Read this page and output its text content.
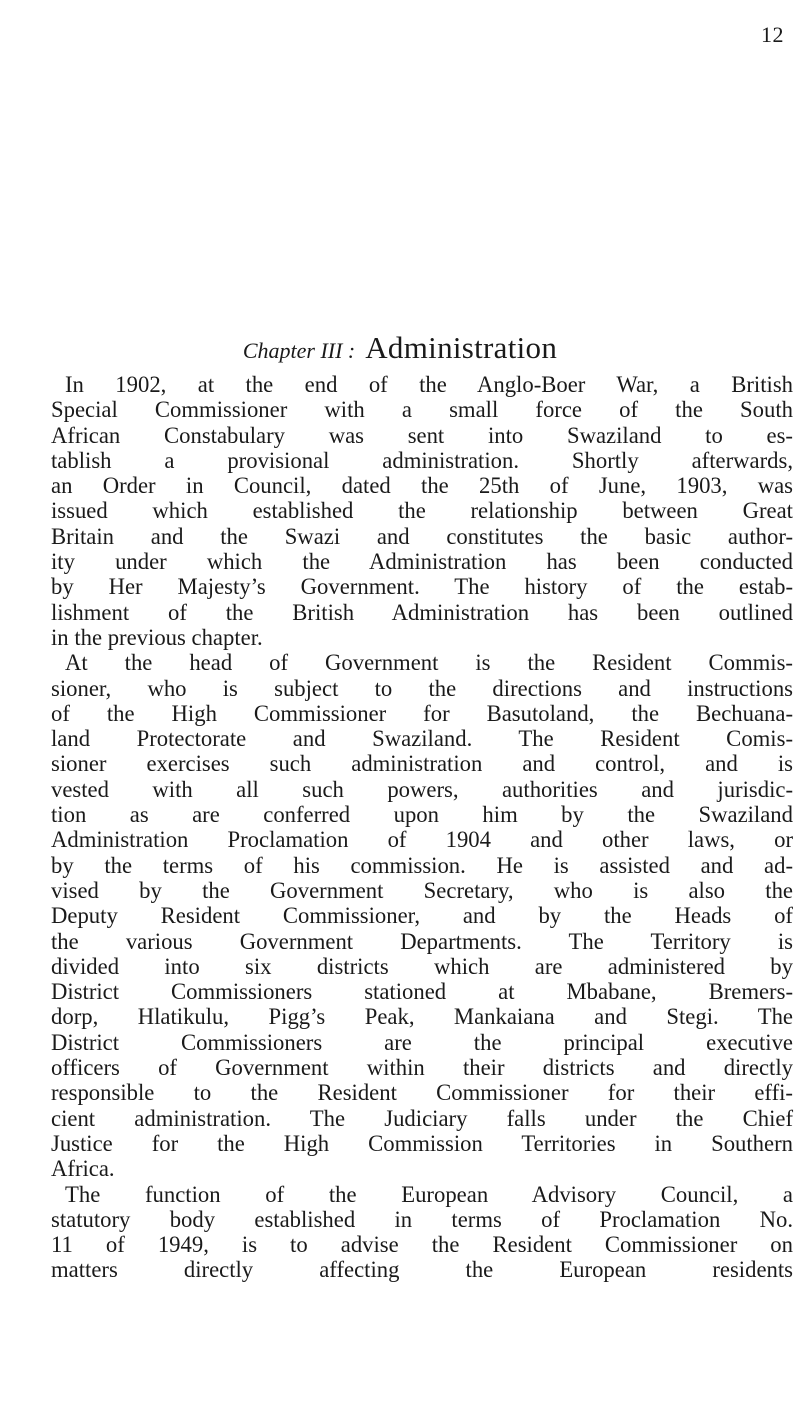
12
Chapter III : Administration
In 1902, at the end of the Anglo-Boer War, a British
Special Commissioner with a small force of the South
African Constabulary was sent into Swaziland to es-
tablish a provisional administration. Shortly afterwards,
an Order in Council, dated the 25th of June, 1903, was
issued which established the relationship between Great
Britain and the Swazi and constitutes the basic author-
ity under which the Administration has been conducted
by Her Majesty’s Government. The history of the estab-
lishment of the British Administration has been outlined
in the previous chapter.
At the head of Government is the Resident Commis-
sioner, who is subject to the directions and instructions
of the High Commissioner for Basutoland, the Bechuana-
land Protectorate and Swaziland. The Resident Comis-
sioner exercises such administration and control, and is
vested with all such powers, authorities and jurisdic-
tion as are conferred upon him by the Swaziland
Administration Proclamation of 1904 and other laws, or
by the terms of his commission. He is assisted and ad-
vised by the Government Secretary, who is also the
Deputy Resident Commissioner, and by the Heads of
the various Government Departments. The Territory is
divided into six districts which are administered by
District Commissioners stationed at Mbabane, Bremers-
dorp, Hlatikulu, Pigg’s Peak, Mankaiana and Stegi. The
District Commissioners are the principal executive
officers of Government within their districts and directly
responsible to the Resident Commissioner for their effi-
cient administration. The Judiciary falls under the Chief
Justice for the High Commission Territories in Southern
Africa.
The function of the European Advisory Council, a
statutory body established in terms of Proclamation No.
11 of 1949, is to advise the Resident Commissioner on
matters directly affecting the European residents
